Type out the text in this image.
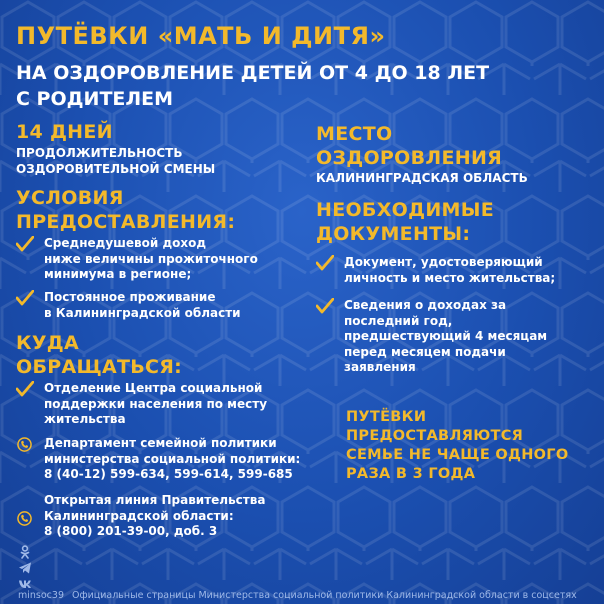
ПУТЁВКИ «МАТЬ И ДИТЯ»
НА ОЗДОРОВЛЕНИЕ ДЕТЕЙ ОТ 4 ДО 18 ЛЕТ
С РОДИТЕЛЕМ
14 ДНЕЙ
ПРОДОЛЖИТЕЛЬНОСТЬ
ОЗДОРОВИТЕЛЬНОЙ СМЕНЫ
УСЛОВИЯ
ПРЕДОСТАВЛЕНИЯ:
Среднедушевой доход
ниже величины прожиточного
минимума в регионе;
Постоянное проживание
в Калининградской области
КУДА
ОБРАЩАТЬСЯ:
Отделение Центра социальной
поддержки населения по месту
жительства
Департамент семейной политики
министерства социальной политики:
8 (40-12) 599-634, 599-614, 599-685
Открытая линия Правительства
Калининградской области:
8 (800) 201-39-00, доб. 3
МЕСТО
ОЗДОРОВЛЕНИЯ
КАЛИНИНГРАДСКАЯ ОБЛАСТЬ
НЕОБХОДИМЫЕ
ДОКУМЕНТЫ:
Документ, удостоверяющий
личность и место жительства;
Сведения о доходах за
последний год,
предшествующий 4 месяцам
перед месяцем подачи
заявления
ПУТЁВКИ
ПРЕДОСТАВЛЯЮТСЯ
СЕМЬЕ НЕ ЧАЩЕ ОДНОГО
РАЗА В 3 ГОДА
minsoc39 Официальные страницы Министерства социальной политики Калининградской области в соцсетях
